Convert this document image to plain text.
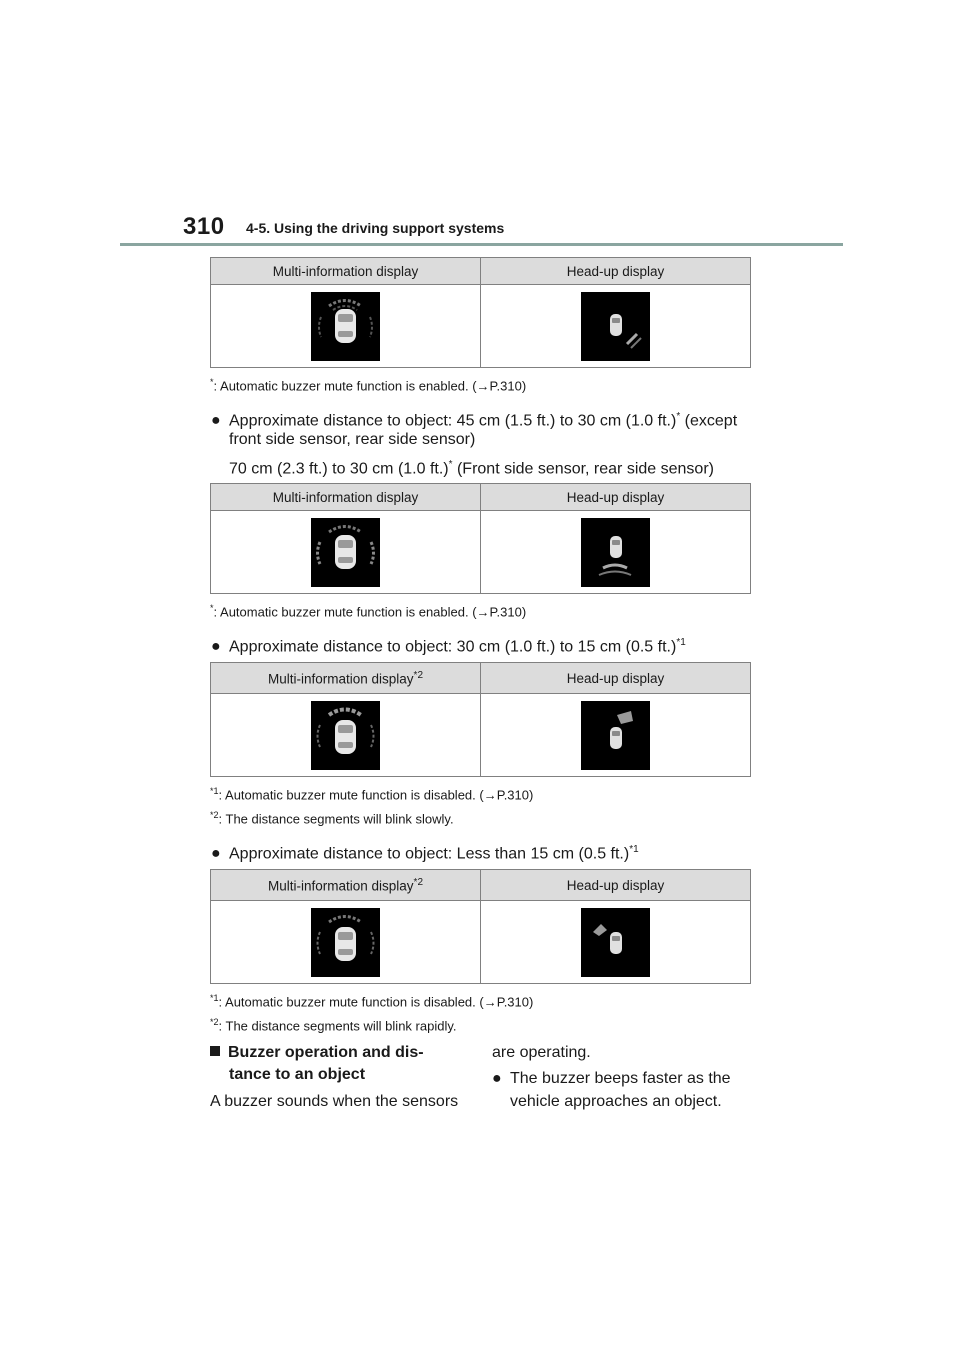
310 4-5. Using the driving support systems
Multi-information display	Head-up display

*: Automatic buzzer mute function is enabled. (→P.310)
● Approximate distance to object: 45 cm (1.5 ft.) to 30 cm (1.0 ft.)* (except
front side sensor, rear side sensor)
70 cm (2.3 ft.) to 30 cm (1.0 ft.)* (Front side sensor, rear side sensor)
Multi-information display	Head-up display

*: Automatic buzzer mute function is enabled. (→P.310)
● Approximate distance to object: 30 cm (1.0 ft.) to 15 cm (0.5 ft.)$^{*1}$
Multi-information display$^{*2}$	Head-up display

$^{*1}$: Automatic buzzer mute function is disabled. (→P.310)
$^{*2}$: The distance segments will blink slowly.
● Approximate distance to object: Less than 15 cm (0.5 ft.)$^{*1}$
Multi-information display$^{*2}$	Head-up display

$^{*1}$: Automatic buzzer mute function is disabled. (→P.310)
$^{*2}$: The distance segments will blink rapidly.
Buzzer operation and dis-
tance to an object
A buzzer sounds when the sensors
are operating.
● The buzzer beeps faster as the
vehicle approaches an object.
